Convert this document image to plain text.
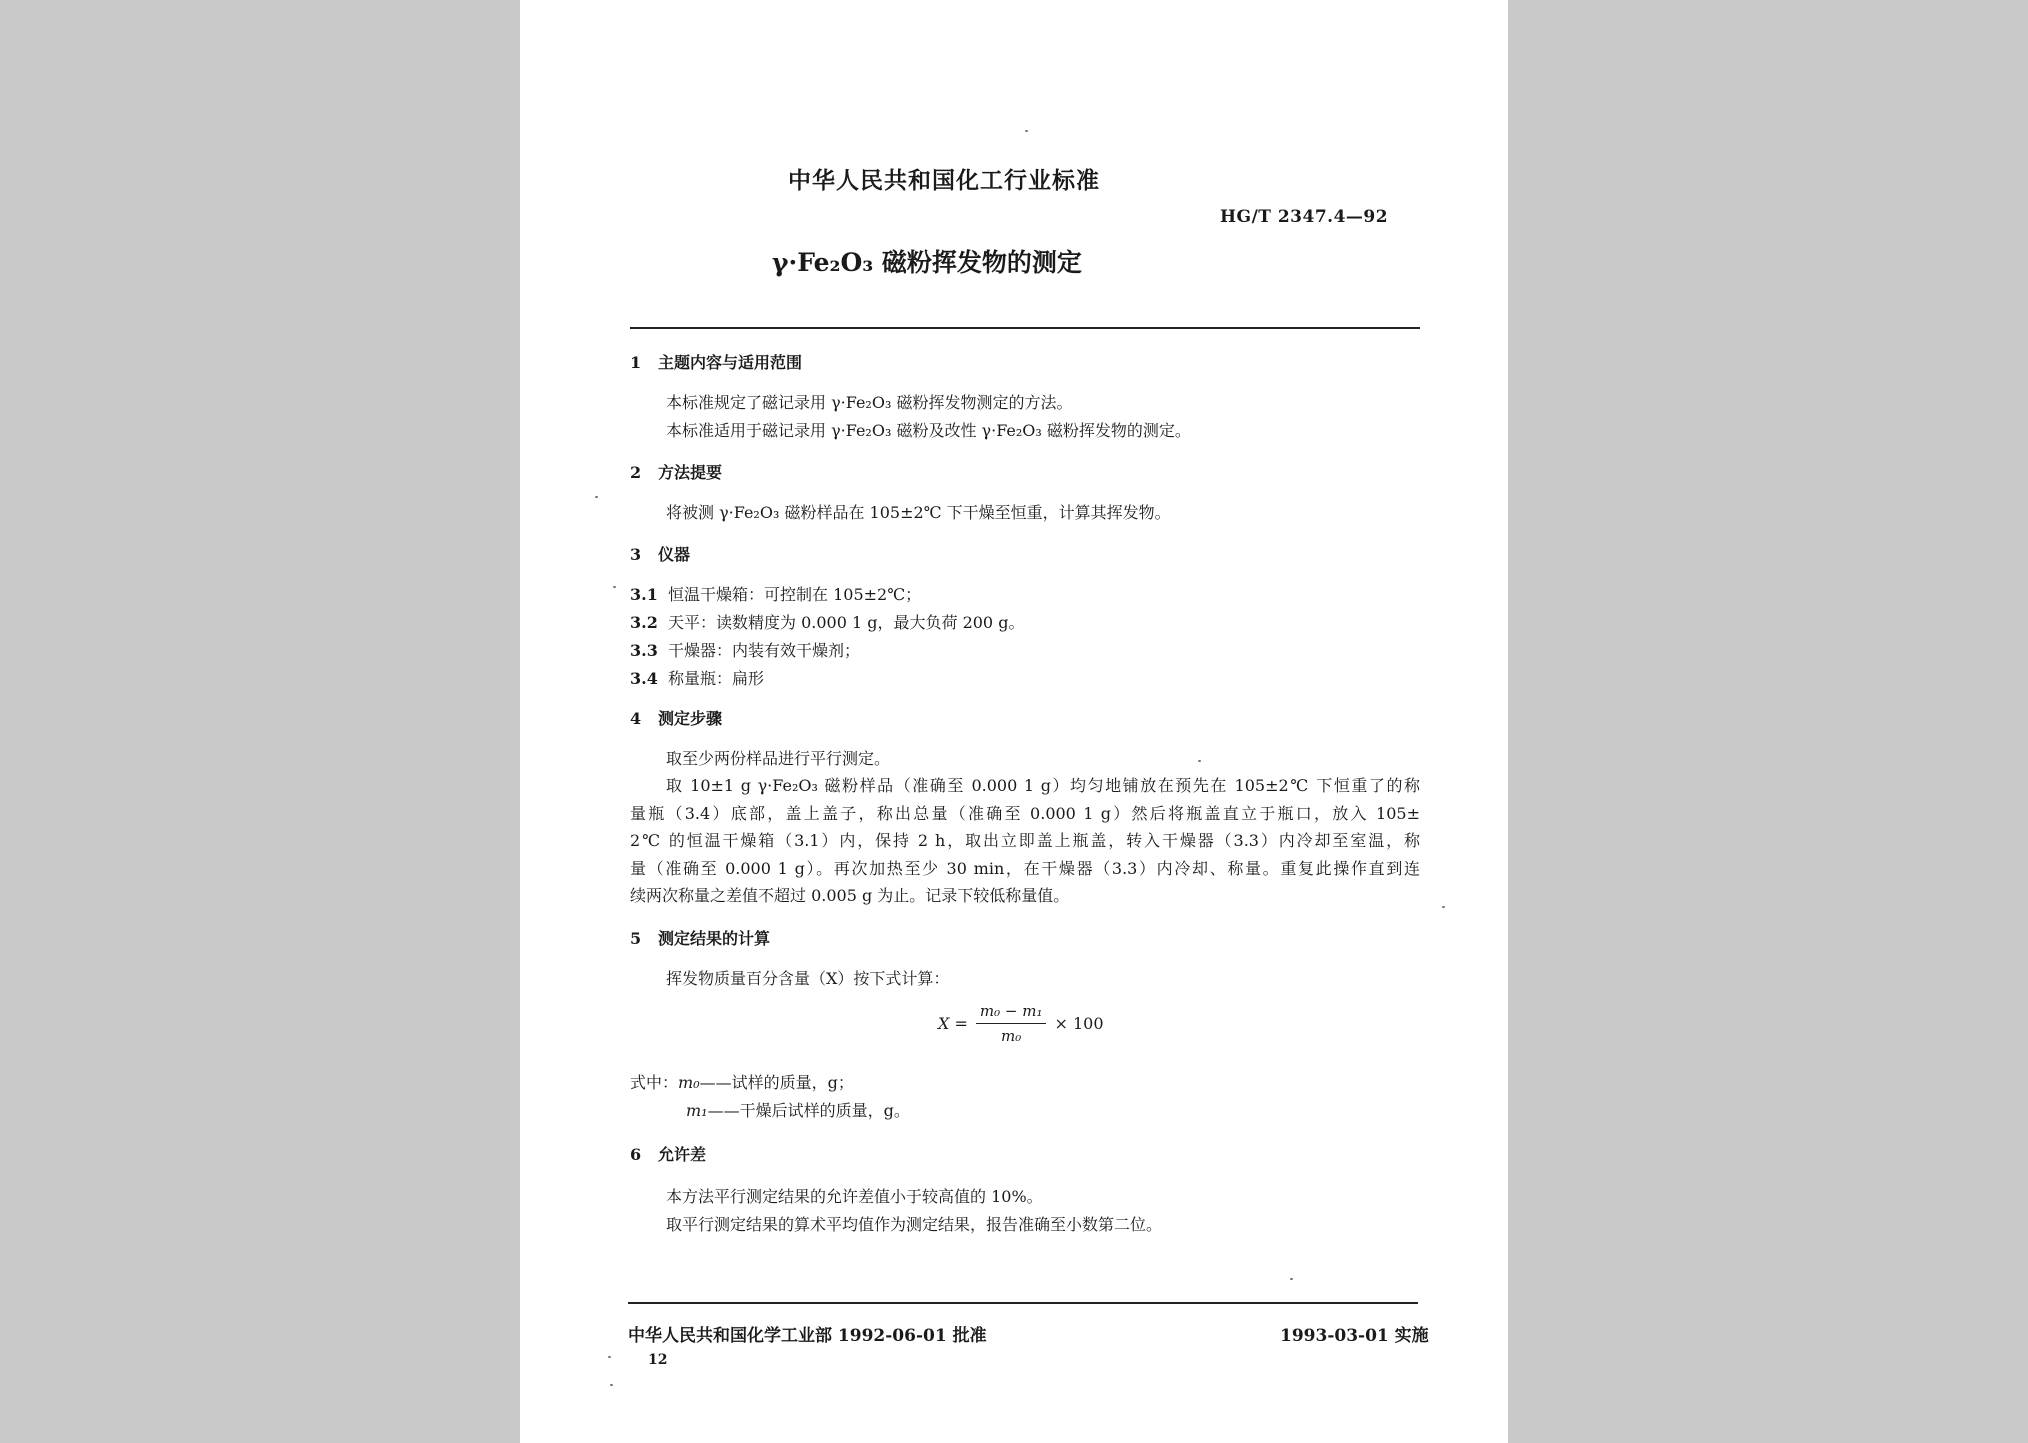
中华人民共和国化工行业标准
HG/T 2347.4—92
γ·Fe₂O₃ 磁粉挥发物的测定
1 主题内容与适用范围
本标准规定了磁记录用 γ·Fe₂O₃ 磁粉挥发物测定的方法。
本标准适用于磁记录用 γ·Fe₂O₃ 磁粉及改性 γ·Fe₂O₃ 磁粉挥发物的测定。
2 方法提要
将被测 γ·Fe₂O₃ 磁粉样品在 105±2℃ 下干燥至恒重，计算其挥发物。
3 仪器
3.1 恒温干燥箱：可控制在 105±2℃；
3.2 天平：读数精度为 0.000 1 g，最大负荷 200 g。
3.3 干燥器：内装有效干燥剂；
3.4 称量瓶：扁形
4 测定步骤
取至少两份样品进行平行测定。
取 10±1 g γ·Fe₂O₃ 磁粉样品（准确至 0.000 1 g）均匀地铺放在预先在 105±2℃ 下恒重了的称
量瓶（3.4）底部，盖上盖子，称出总量（准确至 0.000 1 g）然后将瓶盖直立于瓶口，放入 105±
2℃ 的恒温干燥箱（3.1）内，保持 2 h，取出立即盖上瓶盖，转入干燥器（3.3）内冷却至室温，称
量（准确至 0.000 1 g）。再次加热至少 30 min，在干燥器（3.3）内冷却、称量。重复此操作直到连
续两次称量之差值不超过 0.005 g 为止。记录下较低称量值。
5 测定结果的计算
挥发物质量百分含量（X）按下式计算：
$X = \frac{\text{m₀ − m₁}}{\text{m₀}} \times 100$
式中：m₀——试样的质量，g；
m₁——干燥后试样的质量，g。
6 允许差
本方法平行测定结果的允许差值小于较高值的 10%。
取平行测定结果的算术平均值作为测定结果，报告准确至小数第二位。
中华人民共和国化学工业部 1992-06-01 批准	1993-03-01 实施
12
